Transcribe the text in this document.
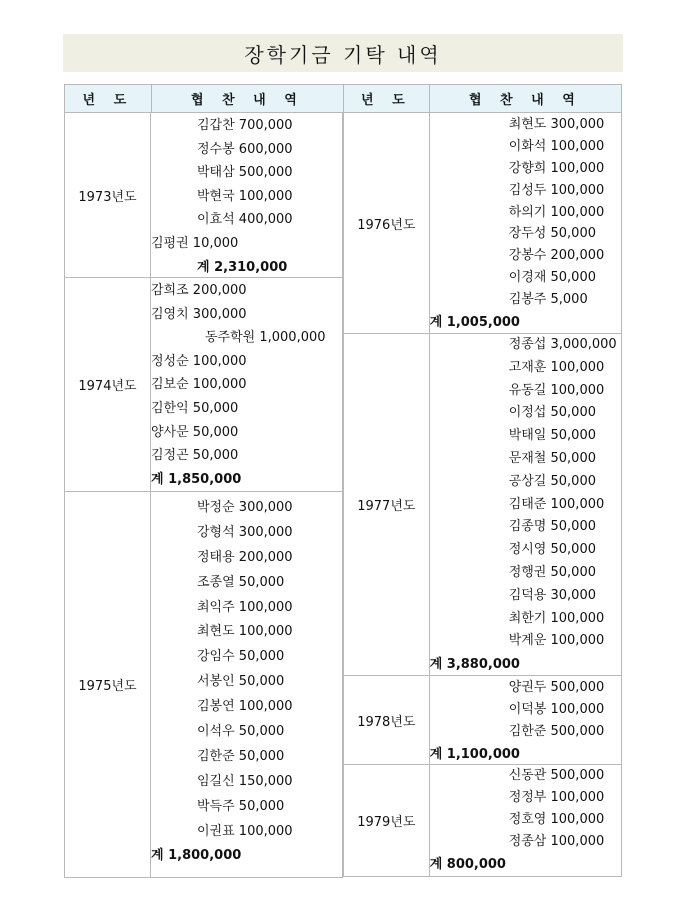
장학기금 기탁 내역
년 도	협 찬 내 역
1973년도
김갑찬 700,000
정수봉 600,000
박태삼 500,000
박현국 100,000
이효석 400,000
김평권 10,000
계 2,310,000
1974년도
감희조 200,000
김영치 300,000
동주학원 1,000,000
정성순 100,000
김보순 100,000
김한익 50,000
양사문 50,000
김정곤 50,000
계 1,850,000
1975년도
박정순 300,000
강형석 300,000
정태용 200,000
조종열 50,000
최익주 100,000
최현도 100,000
강임수 50,000
서봉인 50,000
김봉연 100,000
이석우 50,000
김한준 50,000
임길신 150,000
박득주 50,000
이권표 100,000
계 1,800,000
년 도	협 찬 내 역
1976년도
최현도 300,000
이화석 100,000
강향희 100,000
김성두 100,000
하의기 100,000
장두성 50,000
강봉수 200,000
이경재 50,000
김봉주 5,000
계 1,005,000
1977년도
정종섭 3,000,000
고재훈 100,000
유동길 100,000
이정섭 50,000
박태일 50,000
문재철 50,000
공상길 50,000
김태준 100,000
김종명 50,000
정시영 50,000
정행권 50,000
김덕용 30,000
최한기 100,000
박계운 100,000
계 3,880,000
1978년도
양권두 500,000
이덕봉 100,000
김한준 500,000
계 1,100,000
1979년도
신동관 500,000
정정부 100,000
정호영 100,000
정종삼 100,000
계 800,000
